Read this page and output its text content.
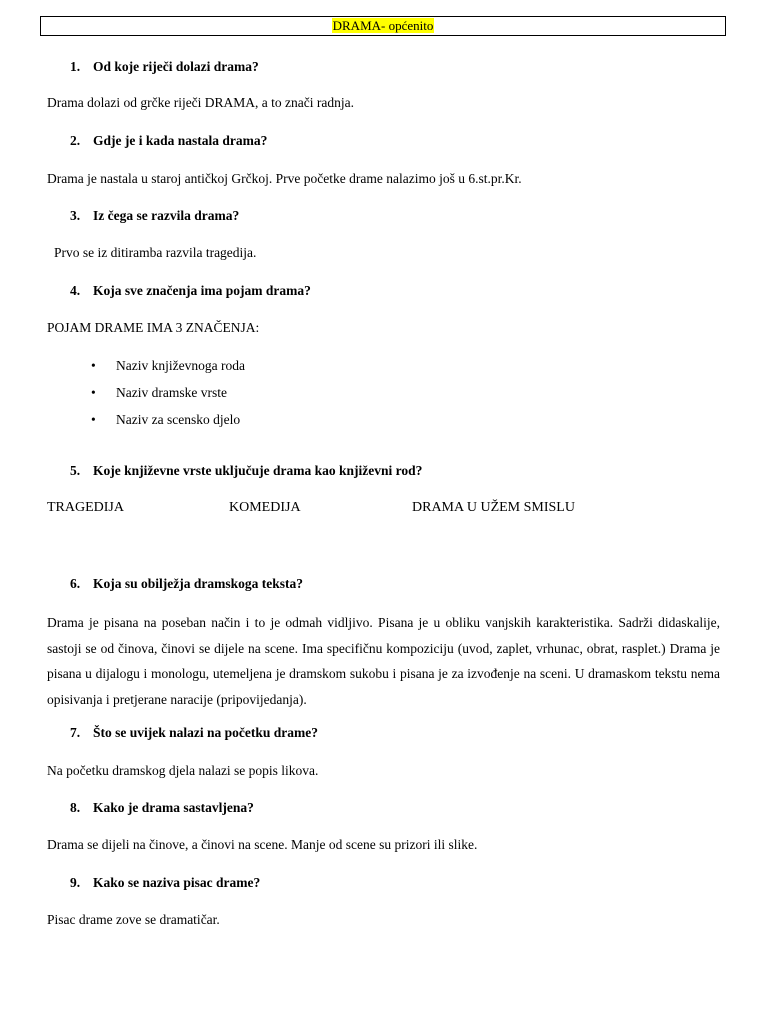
DRAMA- općenito
1. Od koje riječi dolazi drama?
Drama dolazi od grčke riječi DRAMA, a to znači radnja.
2. Gdje je i kada nastala drama?
Drama je nastala u staroj antičkoj Grčkoj. Prve početke drame nalazimo još u 6.st.pr.Kr.
3. Iz čega se razvila drama?
Prvo se iz ditiramba razvila tragedija.
4. Koja sve značenja ima pojam drama?
POJAM DRAME IMA 3 ZNAČENJA:
• Naziv književnoga roda
• Naziv dramske vrste
• Naziv za scensko djelo
5. Koje književne vrste uključuje drama kao književni rod?
TRAGEDIJA	KOMEDIJA	DRAMA U UŽEM SMISLU
6. Koja su obilježja dramskoga teksta?
Drama je pisana na poseban način i to je odmah vidljivo. Pisana je u obliku vanjskih karakteristika. Sadrži didaskalije, sastoji se od činova, činovi se dijele na scene. Ima specifičnu kompoziciju (uvod, zaplet, vrhunac, obrat, rasplet.) Drama je pisana u dijalogu i monologu, utemeljena je dramskom sukobu i pisana je za izvođenje na sceni. U dramaskom tekstu nema opisivanja i pretjerane naracije (pripovijedanja).
7. Što se uvijek nalazi na početku drame?
Na početku dramskog djela nalazi se popis likova.
8. Kako je drama sastavljena?
Drama se dijeli na činove, a činovi na scene. Manje od scene su prizori ili slike.
9. Kako se naziva pisac drame?
Pisac drame zove se dramatičar.
